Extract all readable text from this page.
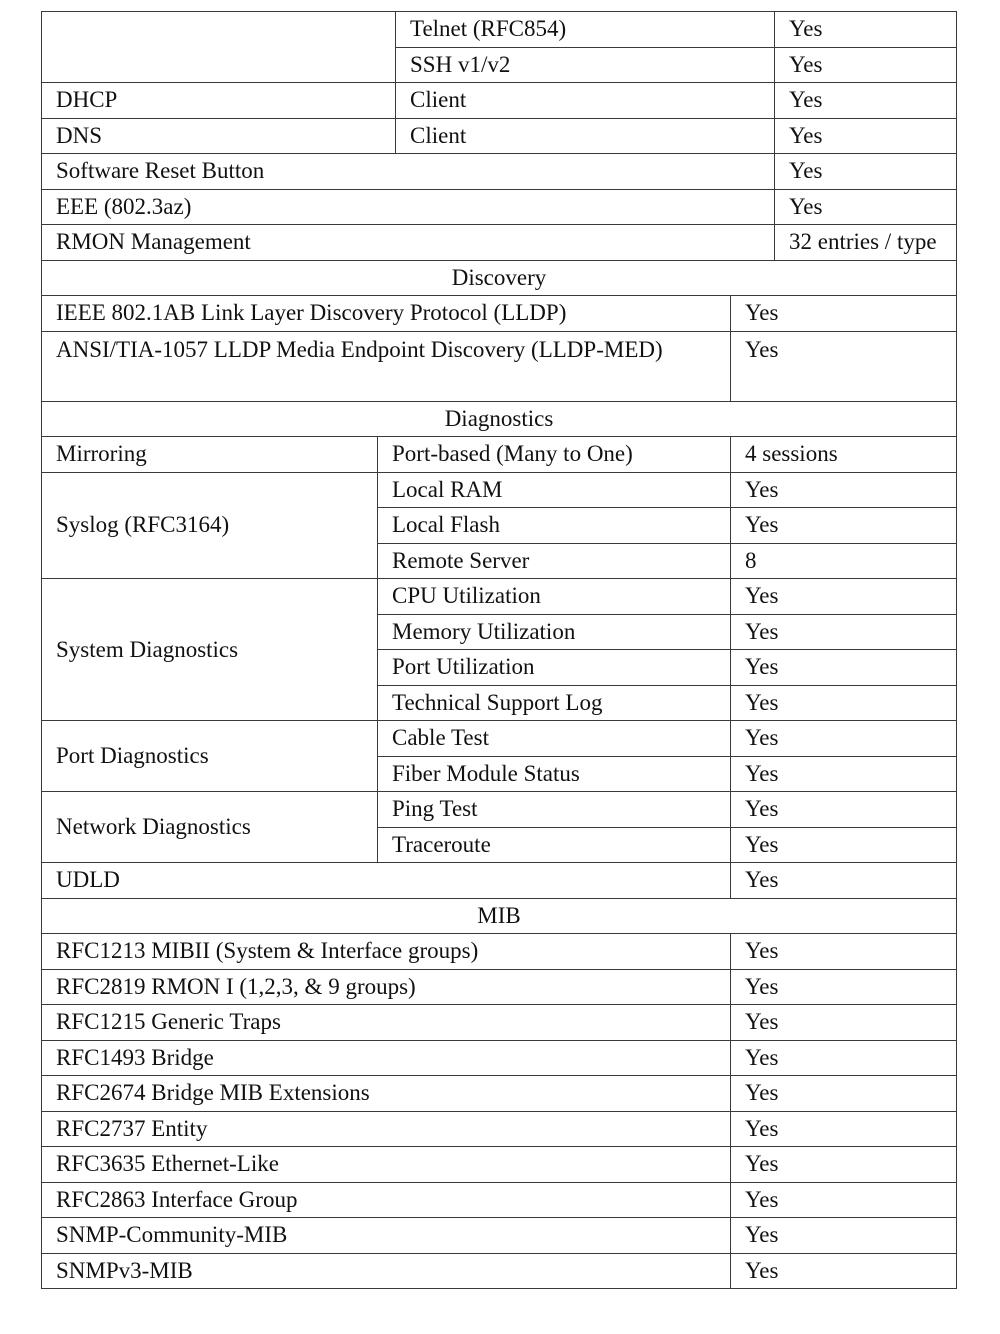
		Telnet (RFC854)		Yes
		SSH v1/v2		Yes
DHCP		Client		Yes
DNS		Client		Yes
Software Reset Button				Yes
EEE (802.3az)				Yes
RMON Management				32 entries / type
Discovery				
IEEE 802.1AB Link Layer Discovery Protocol (LLDP)			Yes	
ANSI/TIA-1057 LLDP Media Endpoint Discovery (LLDP-MED)			Yes	
Diagnostics				
Mirroring	Port-based (Many to One)		4 sessions	
Syslog (RFC3164)	Local RAM		Yes	
	Local Flash		Yes	
	Remote Server		8	
System Diagnostics	CPU Utilization		Yes	
	Memory Utilization		Yes	
	Port Utilization		Yes	
	Technical Support Log		Yes	
Port Diagnostics	Cable Test		Yes	
	Fiber Module Status		Yes	
Network Diagnostics	Ping Test		Yes	
	Traceroute		Yes	
UDLD			Yes	
MIB				
RFC1213 MIBII (System & Interface groups)			Yes	
RFC2819 RMON I (1,2,3, & 9 groups)			Yes	
RFC1215 Generic Traps			Yes	
RFC1493 Bridge			Yes	
RFC2674 Bridge MIB Extensions			Yes	
RFC2737 Entity			Yes	
RFC3635 Ethernet-Like			Yes	
RFC2863 Interface Group			Yes	
SNMP-Community-MIB			Yes	
SNMPv3-MIB			Yes	
